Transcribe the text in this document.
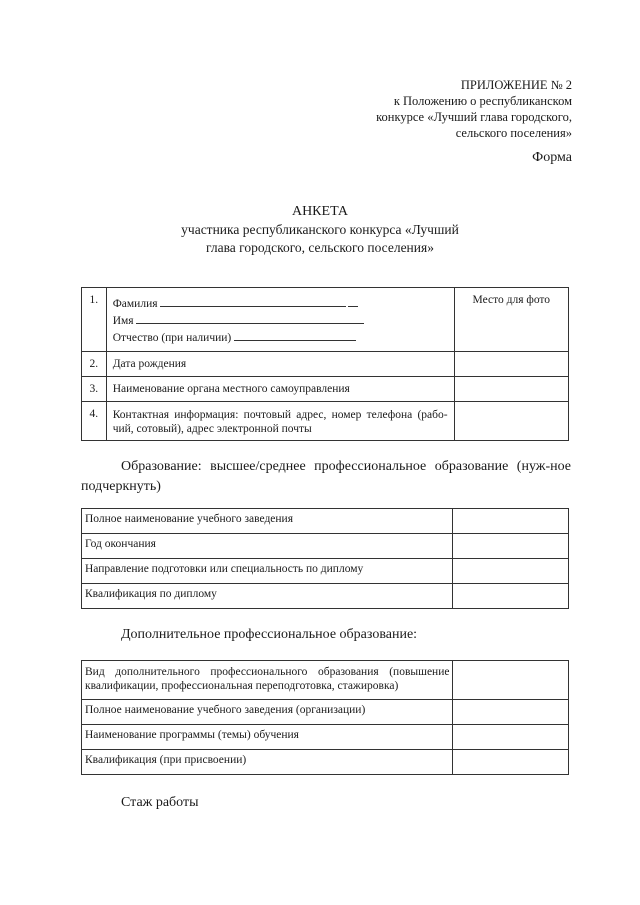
ПРИЛОЖЕНИЕ № 2
к Положению о республиканском
конкурсе «Лучший глава городского,
сельского поселения»
Форма
АНКЕТА
участника республиканского конкурса «Лучший
глава городского, сельского поселения»
1.	Фамилия
Имя
Отчество (при наличии)	Место для фото
2.	Дата рождения	
3.	Наименование органа местного самоуправления	
4.	Контактная информация: почтовый адрес, номер телефона (рабо-чий, сотовый), адрес электронной почты	
Образование: высшее/среднее профессиональное образование (нуж-ное подчеркнуть)
Полное наименование учебного заведения	
Год окончания	
Направление подготовки или специальность по диплому	
Квалификация по диплому	
Дополнительное профессиональное образование:
Вид дополнительного профессионального образования (повышение квалификации, профессиональная переподготовка, стажировка)	
Полное наименование учебного заведения (организации)	
Наименование программы (темы) обучения	
Квалификация (при присвоении)	
Стаж работы
